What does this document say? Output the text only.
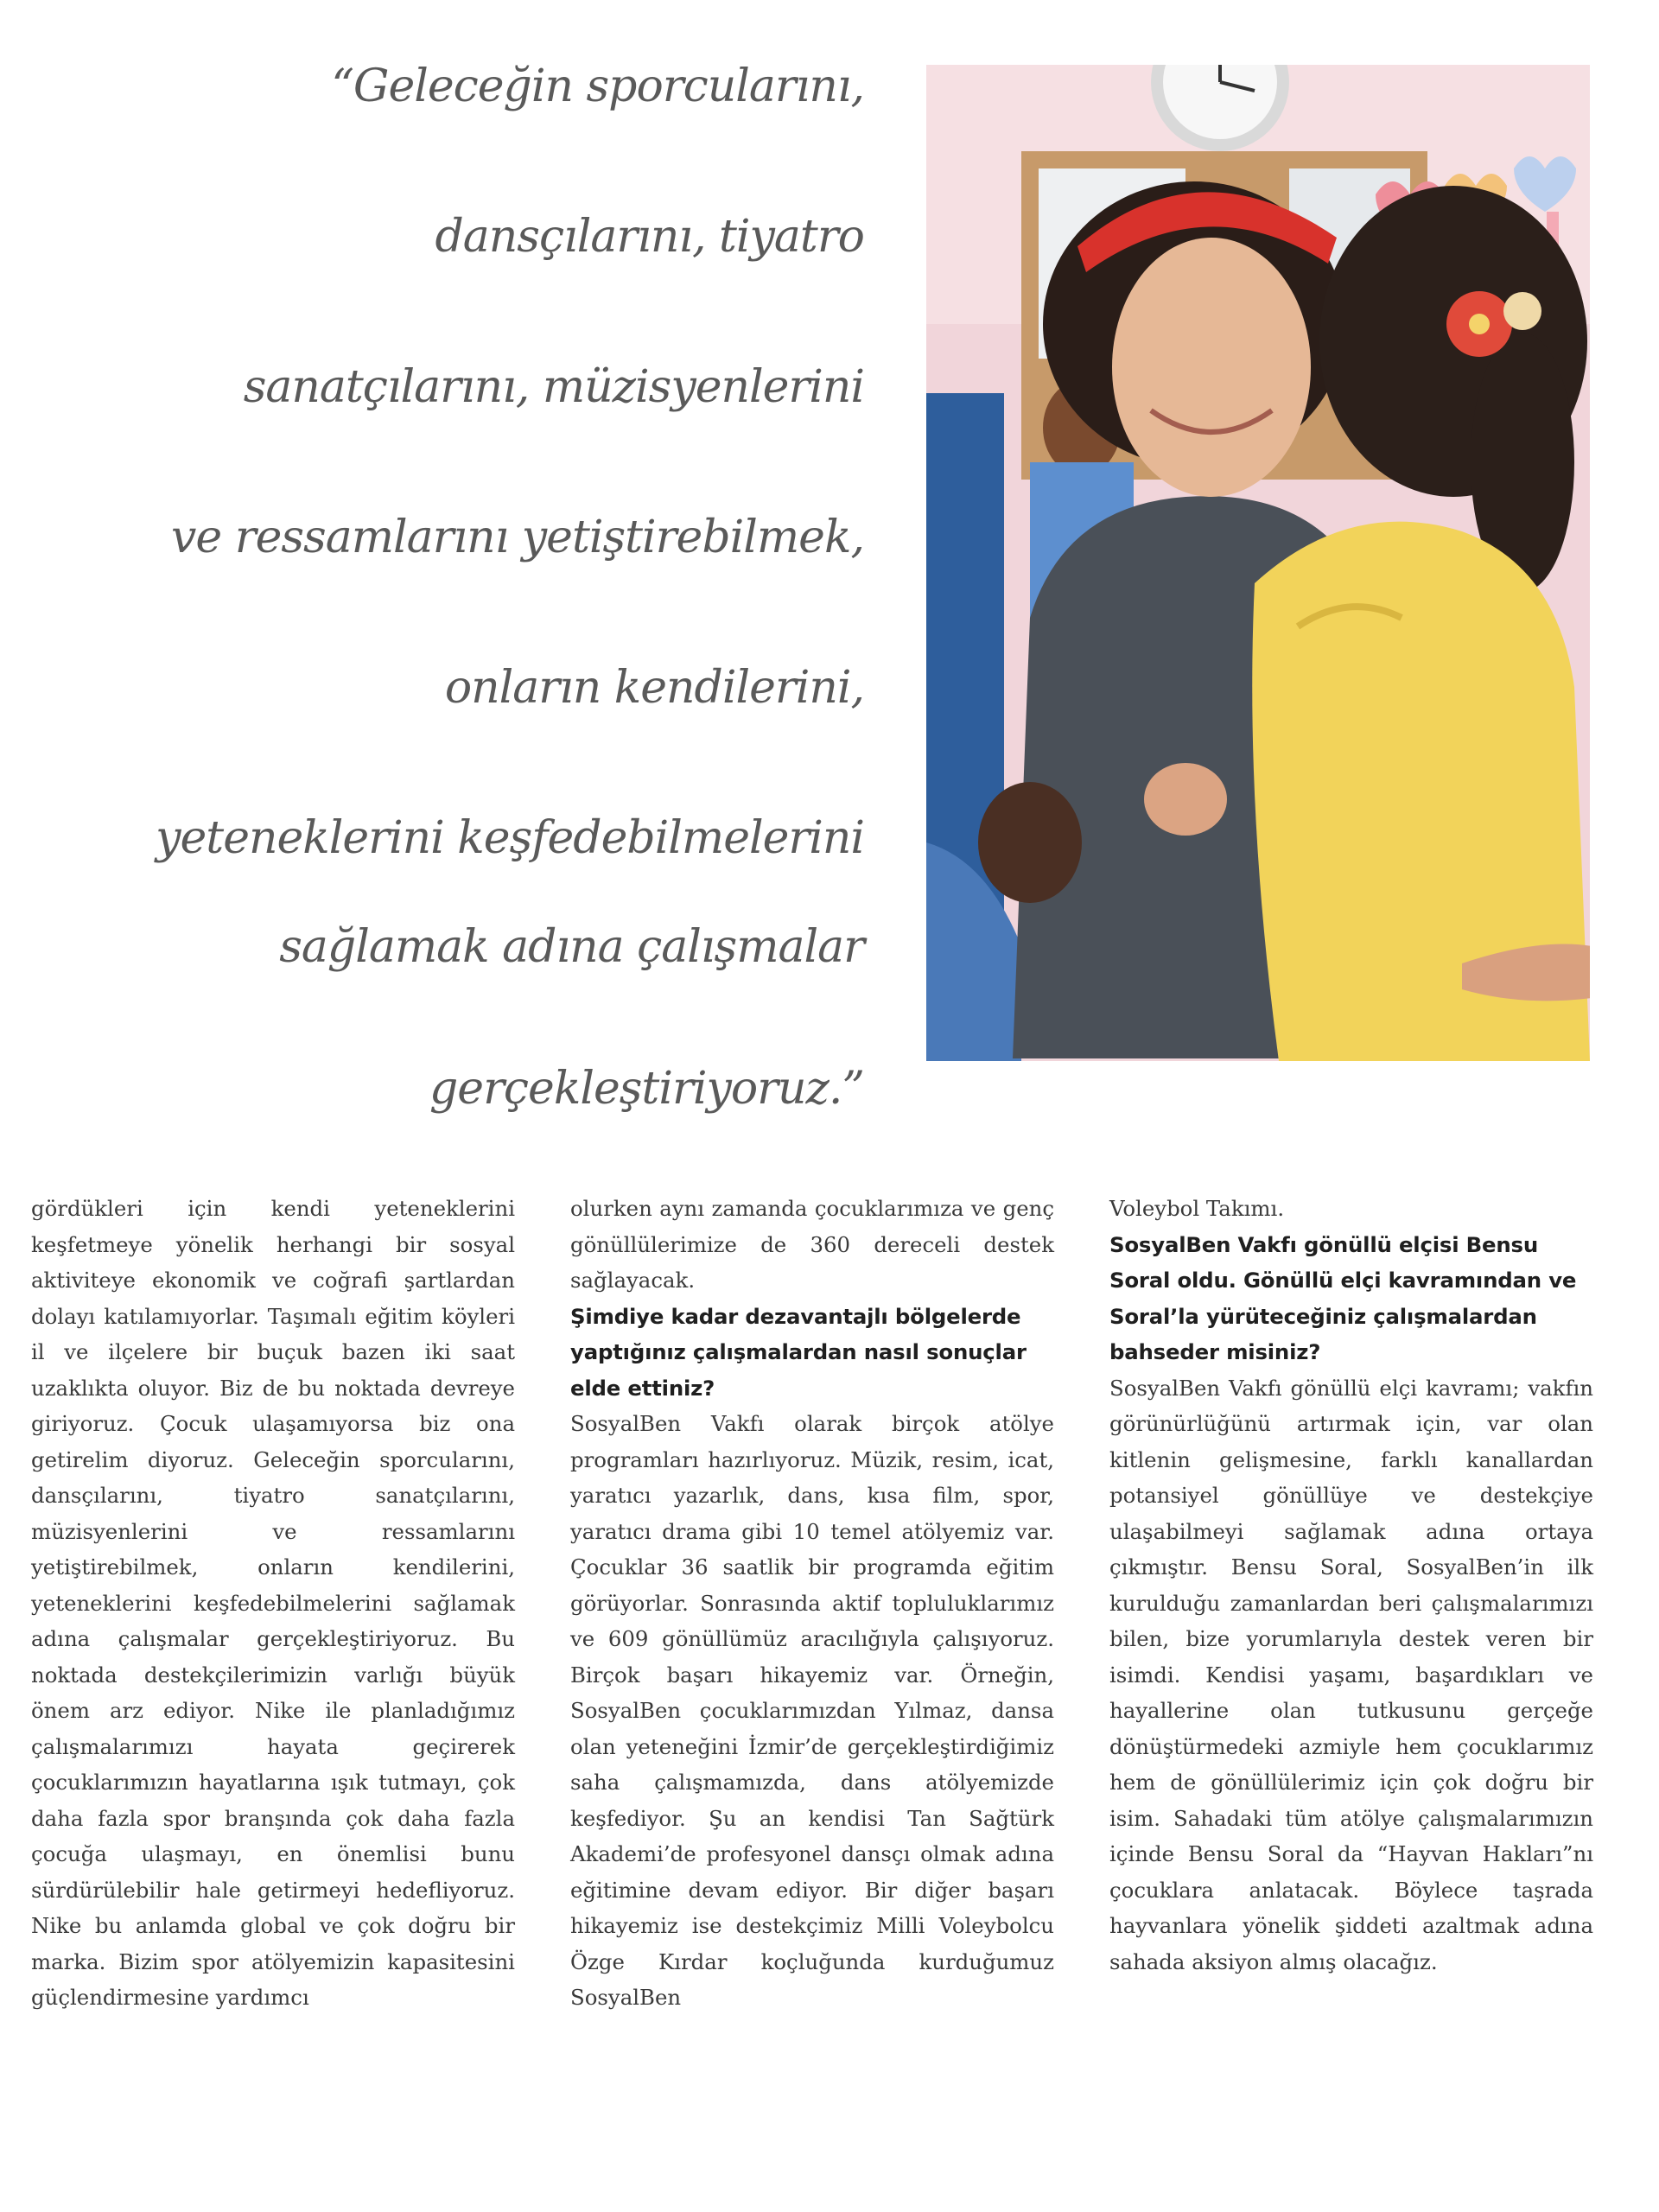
“Geleceğin sporcularını,
dansçılarını, tiyatro
sanatçılarını, müzisyenlerini
ve ressamlarını yetiştirebilmek,
onların kendilerini,
yeteneklerini keşfedebilmelerini
sağlamak adına çalışmalar
gerçekleştiriyoruz.”

gördükleri için kendi yeteneklerini keşfetmeye yönelik herhangi bir sosyal aktiviteye ekonomik ve coğrafi şartlardan dolayı katılamıyorlar. Taşımalı eğitim köyleri il ve ilçelere bir buçuk bazen iki saat uzaklıkta oluyor. Biz de bu noktada devreye giriyoruz. Çocuk ulaşamıyorsa biz ona getirelim diyoruz. Geleceğin sporcularını, dansçılarını, tiyatro sanatçılarını, müzisyenlerini ve ressamlarını yetiştirebilmek, onların kendilerini, yeteneklerini keşfedebilmelerini sağlamak adına çalışmalar gerçekleştiriyoruz. Bu noktada destekçilerimizin varlığı büyük önem arz ediyor. Nike ile planladığımız çalışmalarımızı hayata geçirerek çocuklarımızın hayatlarına ışık tutmayı, çok daha fazla spor branşında çok daha fazla çocuğa ulaşmayı, en önemlisi bunu sürdürülebilir hale getirmeyi hedefliyoruz. Nike bu anlamda global ve çok doğru bir marka. Bizim spor atölyemizin kapasitesini güçlendirmesine yardımcı

olurken aynı zamanda çocuklarımıza ve genç gönüllülerimize de 360 dereceli destek sağlayacak.

Şimdiye kadar dezavantajlı bölgelerde yaptığınız çalışmalardan nasıl sonuçlar elde ettiniz?

SosyalBen Vakfı olarak birçok atölye programları hazırlıyoruz. Müzik, resim, icat, yaratıcı yazarlık, dans, kısa film, spor, yaratıcı drama gibi 10 temel atölyemiz var. Çocuklar 36 saatlik bir programda eğitim görüyorlar. Sonrasında aktif topluluklarımız ve 609 gönüllümüz aracılığıyla çalışıyoruz. Birçok başarı hikayemiz var. Örneğin, SosyalBen çocuklarımızdan Yılmaz, dansa olan yeteneğini İzmir’de gerçekleştirdiğimiz saha çalışmamızda, dans atölyemizde keşfediyor. Şu an kendisi Tan Sağtürk Akademi’de profesyonel dansçı olmak adına eğitimine devam ediyor. Bir diğer başarı hikayemiz ise destekçimiz Milli Voleybolcu Özge Kırdar koçluğunda kurduğumuz SosyalBen

Voleybol Takımı.

SosyalBen Vakfı gönüllü elçisi Bensu Soral oldu. Gönüllü elçi kavramından ve Soral’la yürüteceğiniz çalışmalardan bahseder misiniz?

SosyalBen Vakfı gönüllü elçi kavramı; vakfın görünürlüğünü artırmak için, var olan kitlenin gelişmesine, farklı kanallardan potansiyel gönüllüye ve destekçiye ulaşabilmeyi sağlamak adına ortaya çıkmıştır. Bensu Soral, SosyalBen’in ilk kurulduğu zamanlardan beri çalışmalarımızı bilen, bize yorumlarıyla destek veren bir isimdi. Kendisi yaşamı, başardıkları ve hayallerine olan tutkusunu gerçeğe dönüştürmedeki azmiyle hem çocuklarımız hem de gönüllülerimiz için çok doğru bir isim. Sahadaki tüm atölye çalışmalarımızın içinde Bensu Soral da “Hayvan Hakları”nı çocuklara anlatacak. Böylece taşrada hayvanlara yönelik şiddeti azaltmak adına sahada aksiyon almış olacağız.
